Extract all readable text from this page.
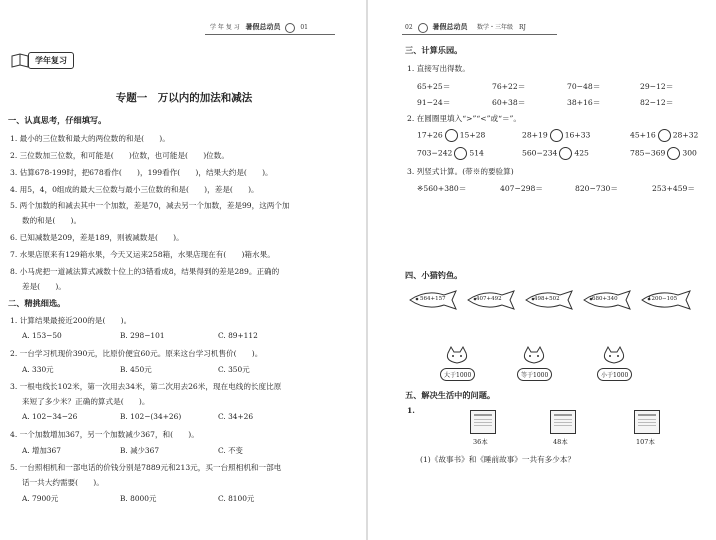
学 年 复 习 暑假总动员	01
学年复习
专题一　万以内的加法和减法
一、认真思考，仔细填写。
1. 最小的三位数和最大的两位数的和是(　　)。
2. 三位数加三位数，和可能是(　　)位数，也可能是(　　)位数。
3. 估算678-199时，把678看作(　　)，199看作(　　)，结果大约是(　　)。
4. 用5，4，0组成的最大三位数与最小三位数的和是(　　)，差是(　　)。
5. 两个加数的和减去其中一个加数，差是70，减去另一个加数，差是99，这两个加
数的和是(　　)。
6. 已知减数是209，差是189，则被减数是(　　)。
7. 水果店原来有129箱水果，今天又运来258箱，水果店现在有(　　)箱水果。
8. 小马虎把一道减法算式减数十位上的3错看成8，结果得到的差是289。正确的
差是(　　)。
二、精挑细选。
1. 计算结果最接近200的是(　　)。
A. 153−50	B. 298−101	C. 89+112
2. 一台学习机现价390元，比原价便宜60元。原来这台学习机售价(　　)。
A. 330元	B. 450元	C. 350元
3. 一根电线长102米，第一次用去34米，第二次用去26米，现在电线的长度比原
来短了多少米？正确的算式是(　　)。
A. 102−34−26	B. 102−(34+26)	C. 34+26
4. 一个加数增加367，另一个加数减少367，和(　　)。
A. 增加367	B. 减少367	C. 不变
5. 一台照相机和一部电话的价钱分别是7889元和213元，买一台照相机和一部电
话一共大约需要(　　)。
A. 7900元	B. 8000元	C. 8100元
02	暑假总动员 数学・三年级　RJ
三、计算乐园。
1. 直接写出得数。
65+25＝	76+22＝	70−48＝	29−12＝
91−24＝	60+38＝	38+16＝	82−12＝
2. 在圆圈里填入“>”“<”或“＝”。
17+26 15+28	28+19 16+33	45+16 28+32
703−242 514	560−234 425	785−369 300
3. 列竖式计算。(带※的要验算)
※560+380＝	407−298＝	820−730＝	253+459＝
四、小猫钓鱼。
564+157	407+492	498+502	680+340	1200−105
大于1000	等于1000	小于1000
五、解决生活中的问题。
1.
36本	48本	107本
(1)《故事书》和《睡前故事》一共有多少本？
